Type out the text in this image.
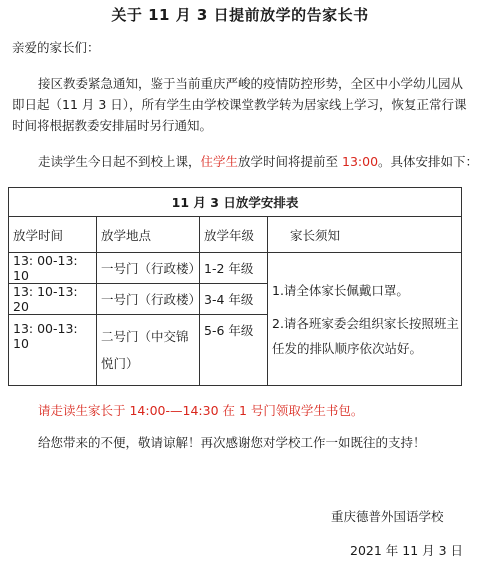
关于 11 月 3 日提前放学的告家长书
亲爱的家长们：
接区教委紧急通知，鉴于当前重庆严峻的疫情防控形势，全区中小学幼儿园从
即日起（11 月 3 日），所有学生由学校课堂教学转为居家线上学习，恢复正常行课
时间将根据教委安排届时另行通知。
走读学生今日起不到校上课，住学生放学时间将提前至 13:00。具体安排如下：
11 月 3 日放学安排表			
放学时间	放学地点	放学年级	家长须知
13: 00-13: 10	一号门（行政楼）	1-2 年级	1.请全体家长佩戴口罩。
2.请各班家委会组织家长按照班主
任发的排队顺序依次站好。

13: 10-13: 20	一号门（行政楼）	3-4 年级	
13: 00-13: 10	二号门（中交锦
悦门）	5-6 年级	
请走读生家长于 14:00-—14:30 在 1 号门领取学生书包。
给您带来的不便，敬请谅解！再次感谢您对学校工作一如既往的支持！
重庆德普外国语学校
2021 年 11 月 3 日
